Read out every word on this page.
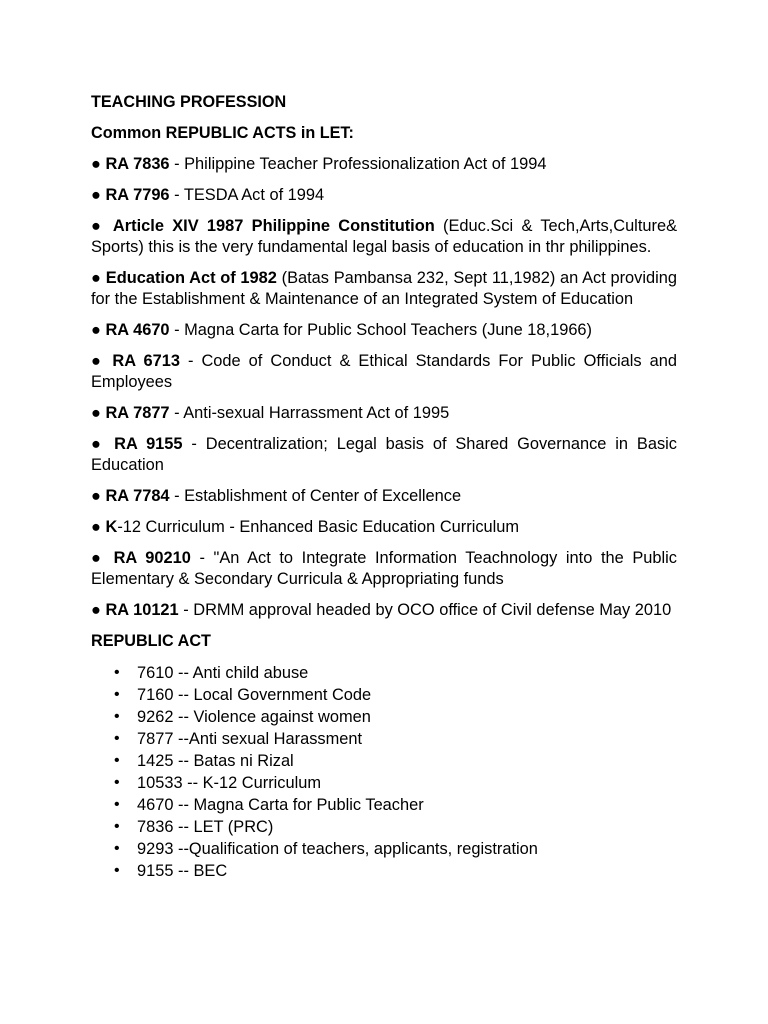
TEACHING PROFESSION

Common REPUBLIC ACTS in LET:

● RA 7836 - Philippine Teacher Professionalization Act of 1994

● RA 7796 - TESDA Act of 1994

● Article XIV 1987 Philippine Constitution (Educ.Sci & Tech,Arts,Culture& Sports) this is the very fundamental legal basis of education in thr philippines.

● Education Act of 1982 (Batas Pambansa 232, Sept 11,1982) an Act providing for the Establishment & Maintenance of an Integrated System of Education

● RA 4670 - Magna Carta for Public School Teachers (June 18,1966)

● RA 6713 - Code of Conduct & Ethical Standards For Public Officials and Employees

● RA 7877 - Anti-sexual Harrassment Act of 1995

● RA 9155 - Decentralization; Legal basis of Shared Governance in Basic Education

● RA 7784 - Establishment of Center of Excellence

● K-12 Curriculum - Enhanced Basic Education Curriculum

● RA 90210 - "An Act to Integrate Information Teachnology into the Public Elementary & Secondary Curricula & Appropriating funds

● RA 10121 - DRMM approval headed by OCO office of Civil defense May 2010

REPUBLIC ACT

• 7610 -- Anti child abuse
• 7160 -- Local Government Code
• 9262 -- Violence against women
• 7877 --Anti sexual Harassment
• 1425 -- Batas ni Rizal
• 10533 -- K-12 Curriculum
• 4670 -- Magna Carta for Public Teacher
• 7836 -- LET (PRC)
• 9293 --Qualification of teachers, applicants, registration
• 9155 -- BEC
